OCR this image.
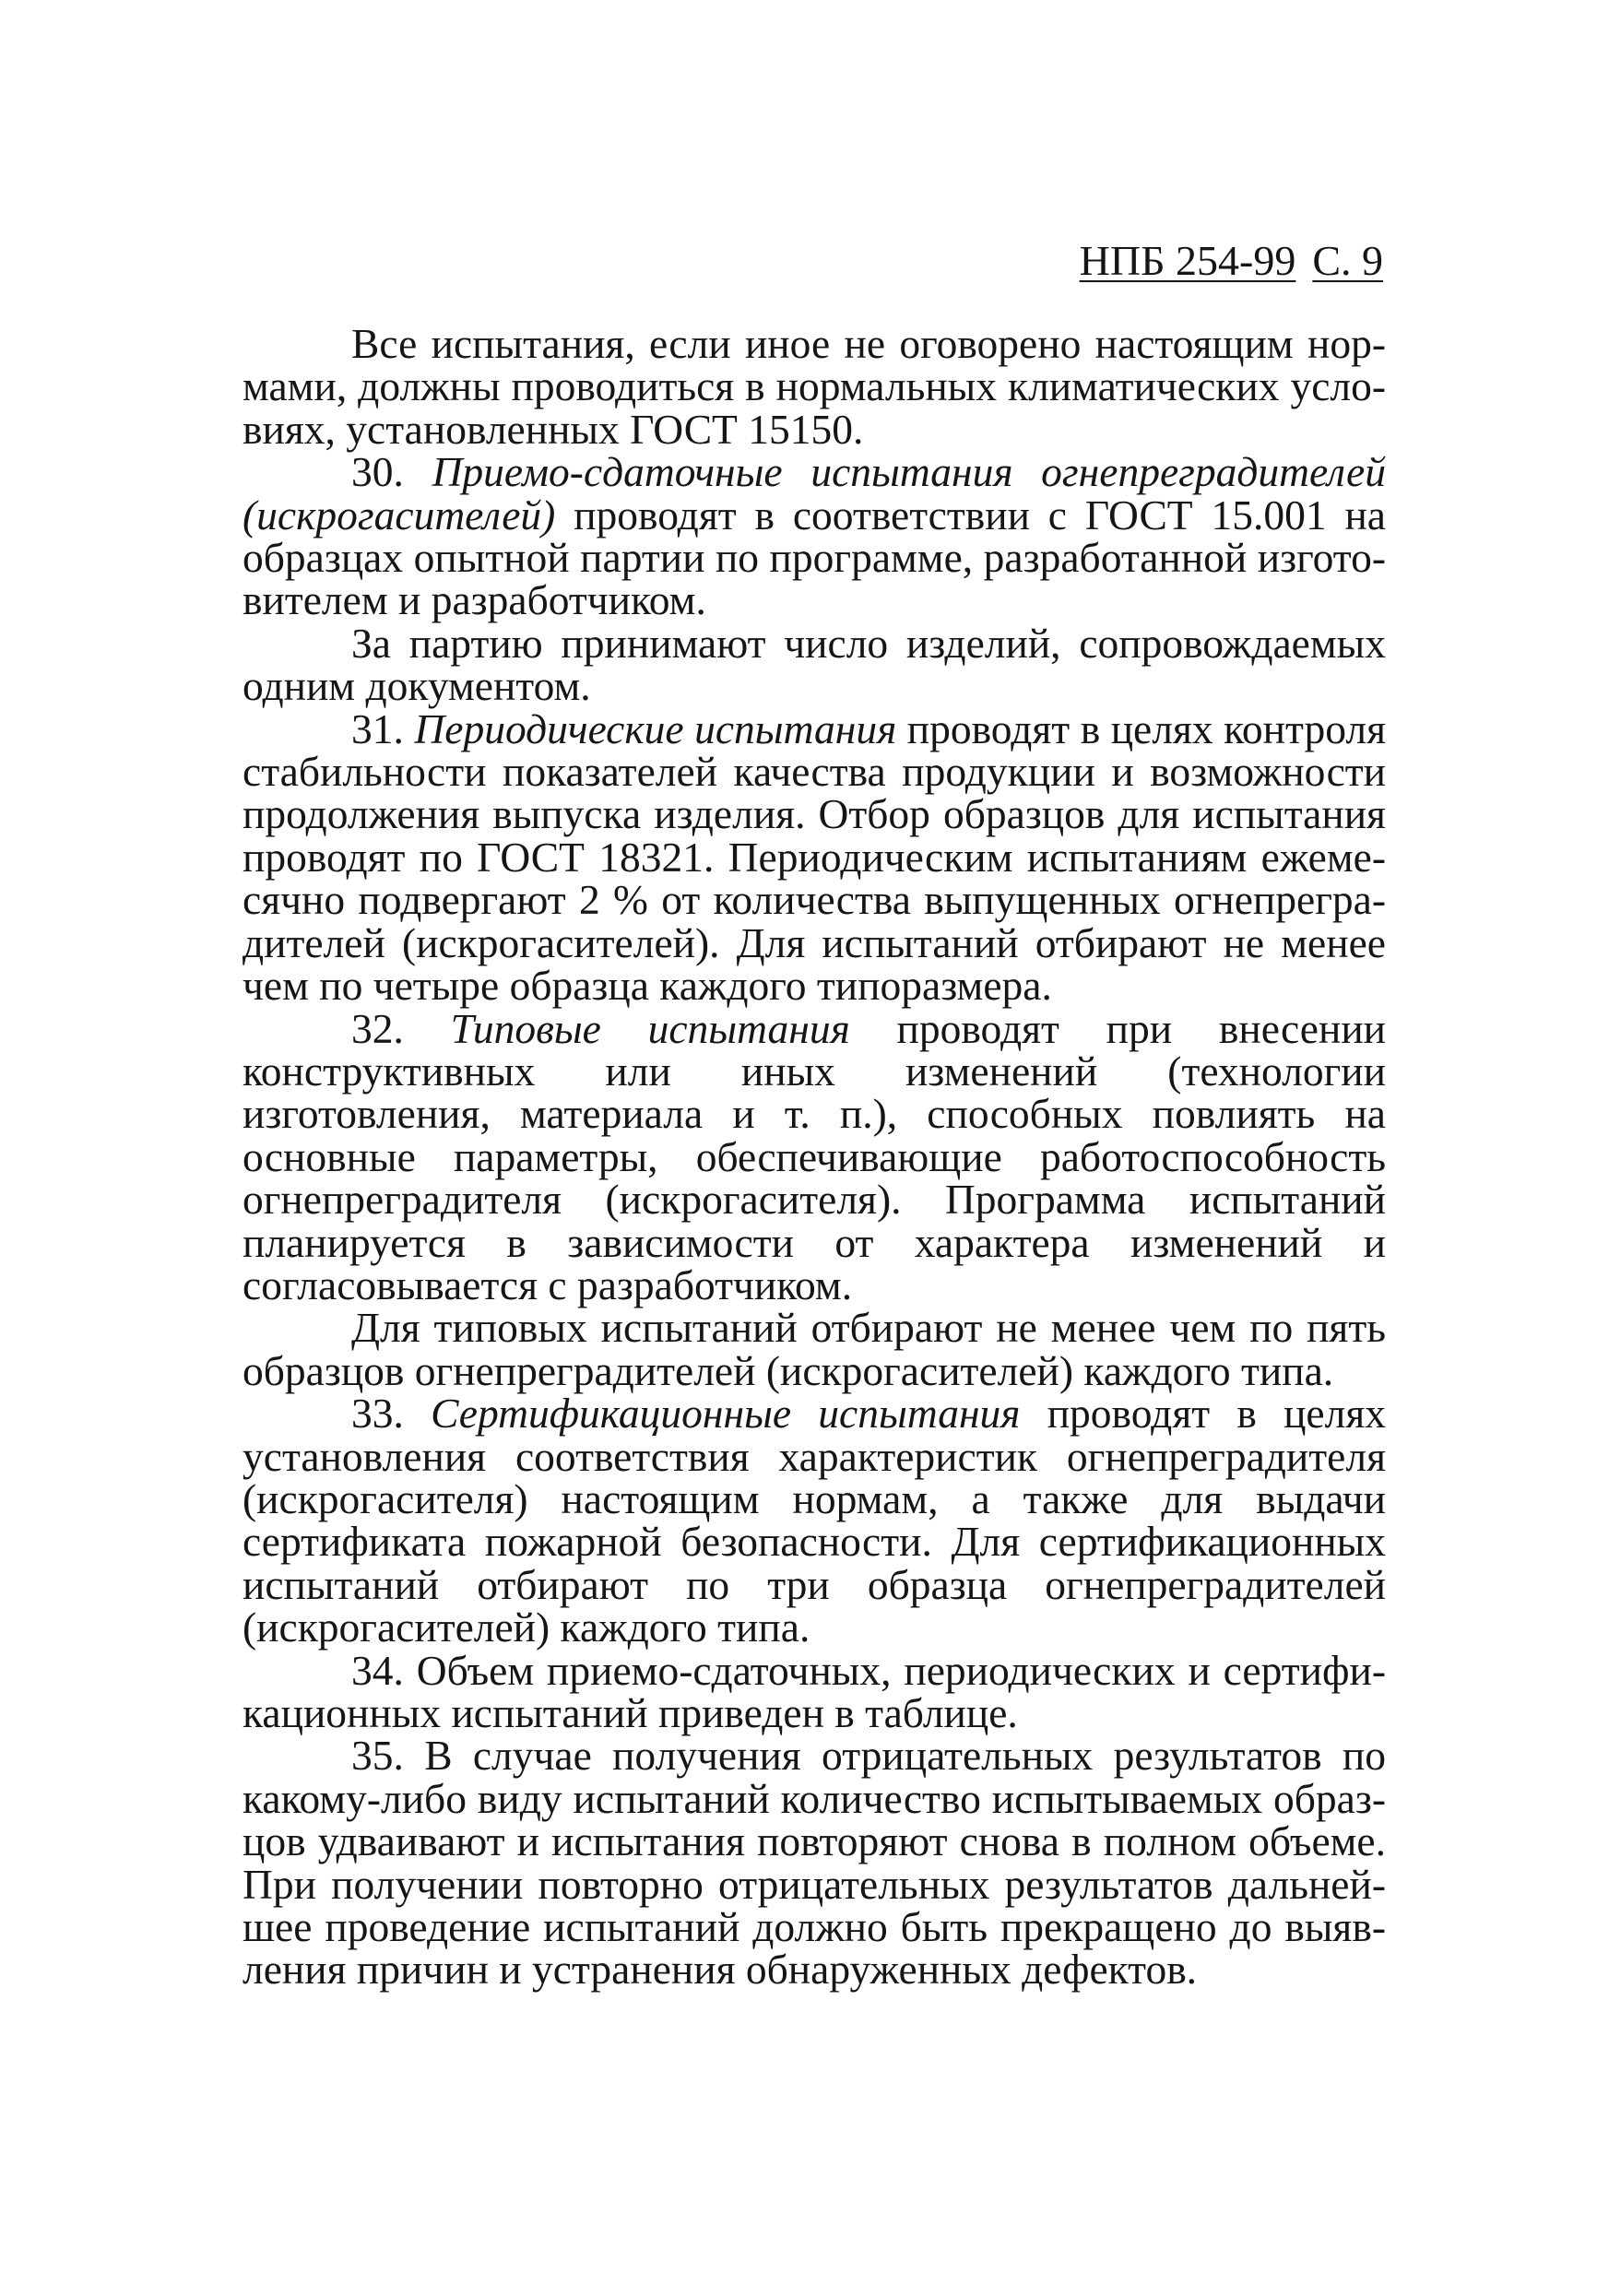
НПБ 254-99 С. 9

Все испытания, если иное не оговорено настоящим нормами, должны проводиться в нормальных климатических условиях, установленных ГОСТ 15150.

30. Приемо-сдаточные испытания огнепреградителей (искрогасителей) проводят в соответствии с ГОСТ 15.001 на образцах опытной партии по программе, разработанной изготовителем и разработчиком.

За партию принимают число изделий, сопровождаемых одним документом.

31. Периодические испытания проводят в целях контроля стабильности показателей качества продукции и возможности продолжения выпуска изделия. Отбор образцов для испытания проводят по ГОСТ 18321. Периодическим испытаниям ежемесячно подвергают 2 % от количества выпущенных огнепреградителей (искрогасителей). Для испытаний отбирают не менее чем по четыре образца каждого типоразмера.

32. Типовые испытания проводят при внесении конструктивных или иных изменений (технологии изготовления, материала и т. п.), способных повлиять на основные параметры, обеспечивающие работоспособность огнепреградителя (искрогасителя). Программа испытаний планируется в зависимости от характера изменений и согласовывается с разработчиком.

Для типовых испытаний отбирают не менее чем по пять образцов огнепреградителей (искрогасителей) каждого типа.

33. Сертификационные испытания проводят в целях установления соответствия характеристик огнепреградителя (искрогасителя) настоящим нормам, а также для выдачи сертификата пожарной безопасности. Для сертификационных испытаний отбирают по три образца огнепреградителей (искрогасителей) каждого типа.

34. Объем приемо-сдаточных, периодических и сертификационных испытаний приведен в таблице.

35. В случае получения отрицательных результатов по какому-либо виду испытаний количество испытываемых образцов удваивают и испытания повторяют снова в полном объеме. При получении повторно отрицательных результатов дальнейшее проведение испытаний должно быть прекращено до выявления причин и устранения обнаруженных дефектов.
